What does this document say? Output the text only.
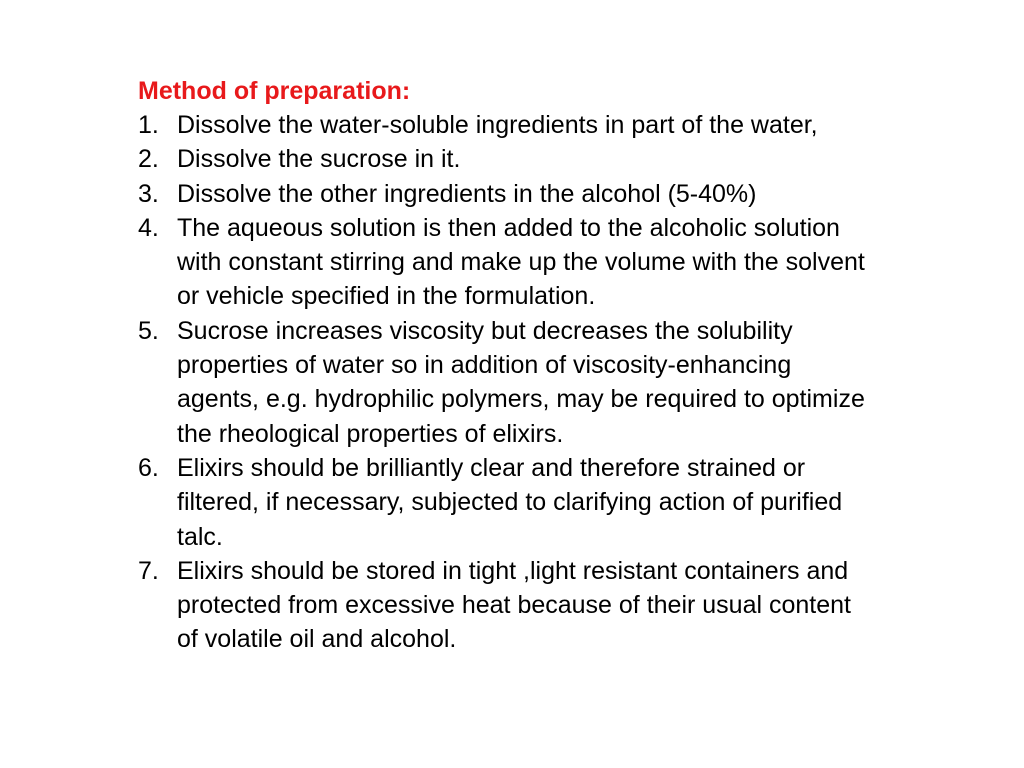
Method of preparation:
1. Dissolve the water-soluble ingredients in part of the water,
2. Dissolve the sucrose in it.
3. Dissolve the other ingredients in the alcohol (5-40%)
4. The aqueous solution is then added to the alcoholic solution
with constant stirring and make up the volume with the solvent
or vehicle specified in the formulation.
5. Sucrose increases viscosity but decreases the solubility
properties of water so in addition of viscosity-enhancing
agents, e.g. hydrophilic polymers, may be required to optimize
the rheological properties of elixirs.
6. Elixirs should be brilliantly clear and therefore strained or
filtered, if necessary, subjected to clarifying action of purified
talc.
7. Elixirs should be stored in tight ,light resistant containers and
protected from excessive heat because of their usual content
of volatile oil and alcohol.
